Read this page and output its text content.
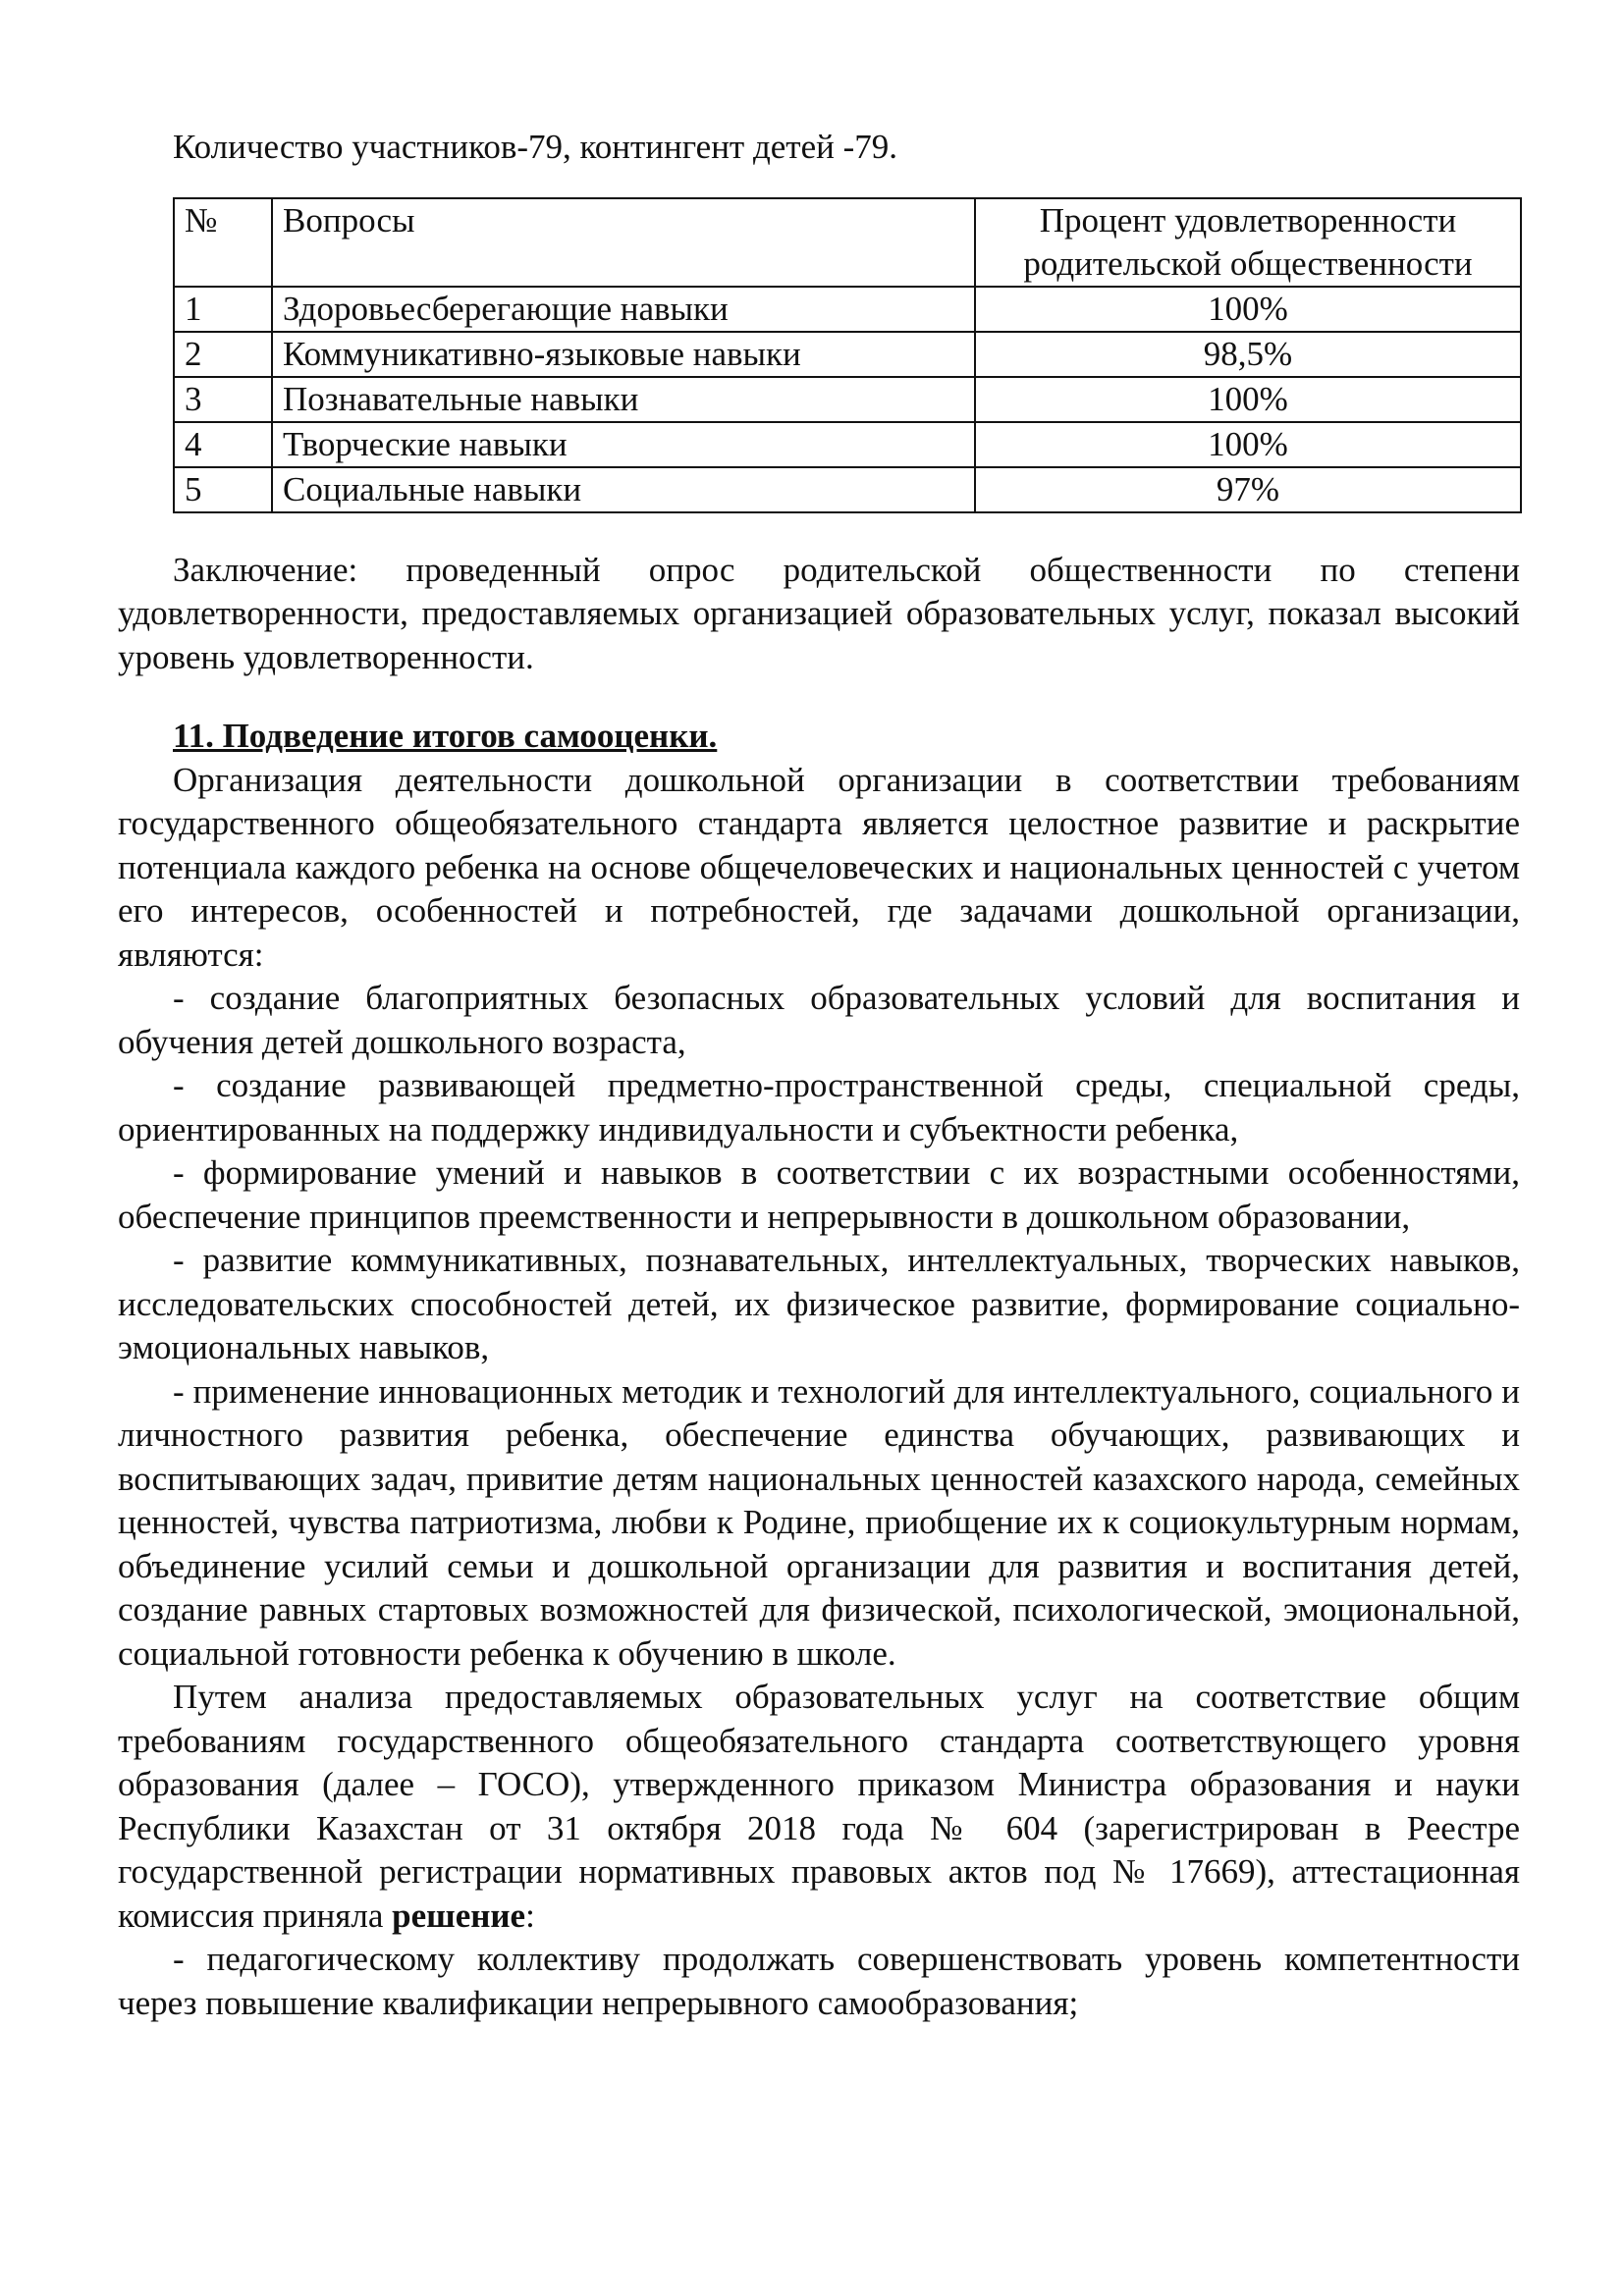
Количество участников-79, контингент детей -79.

№	Вопросы	Процент удовлетворенности родительской общественности
1	Здоровьесберегающие навыки	100%
2	Коммуникативно-языковые навыки	98,5%
3	Познавательные навыки	100%
4	Творческие навыки	100%
5	Социальные навыки	97%

Заключение: проведенный опрос родительской общественности по степени удовлетворенности, предоставляемых организацией образовательных услуг, показал высокий уровень удовлетворенности.

11. Подведение итогов самооценки.

Организация деятельности дошкольной организации в соответствии требованиям государственного общеобязательного стандарта является целостное развитие и раскрытие потенциала каждого ребенка на основе общечеловеческих и национальных ценностей с учетом его интересов, особенностей и потребностей, где задачами дошкольной организации, являются:

- создание благоприятных безопасных образовательных условий для воспитания и обучения детей дошкольного возраста,

- создание развивающей предметно-пространственной среды, специальной среды, ориентированных на поддержку индивидуальности и субъектности ребенка,

- формирование умений и навыков в соответствии с их возрастными особенностями, обеспечение принципов преемственности и непрерывности в дошкольном образовании,

- развитие коммуникативных, познавательных, интеллектуальных, творческих навыков, исследовательских способностей детей, их физическое развитие, формирование социально- эмоциональных навыков,

- применение инновационных методик и технологий для интеллектуального, социального и личностного развития ребенка, обеспечение единства обучающих, развивающих и воспитывающих задач, привитие детям национальных ценностей казахского народа, семейных ценностей, чувства патриотизма, любви к Родине, приобщение их к социокультурным нормам, объединение усилий семьи и дошкольной организации для развития и воспитания детей, создание равных стартовых возможностей для физической, психологической, эмоциональной, социальной готовности ребенка к обучению в школе.

Путем анализа предоставляемых образовательных услуг на соответствие общим требованиям государственного общеобязательного стандарта соответствующего уровня образования (далее – ГОСО), утвержденного приказом Министра образования и науки Республики Казахстан от 31 октября 2018 года № 604 (зарегистрирован в Реестре государственной регистрации нормативных правовых актов под № 17669), аттестационная комиссия приняла решение:

- педагогическому коллективу продолжать совершенствовать уровень компетентности через повышение квалификации непрерывного самообразования;
